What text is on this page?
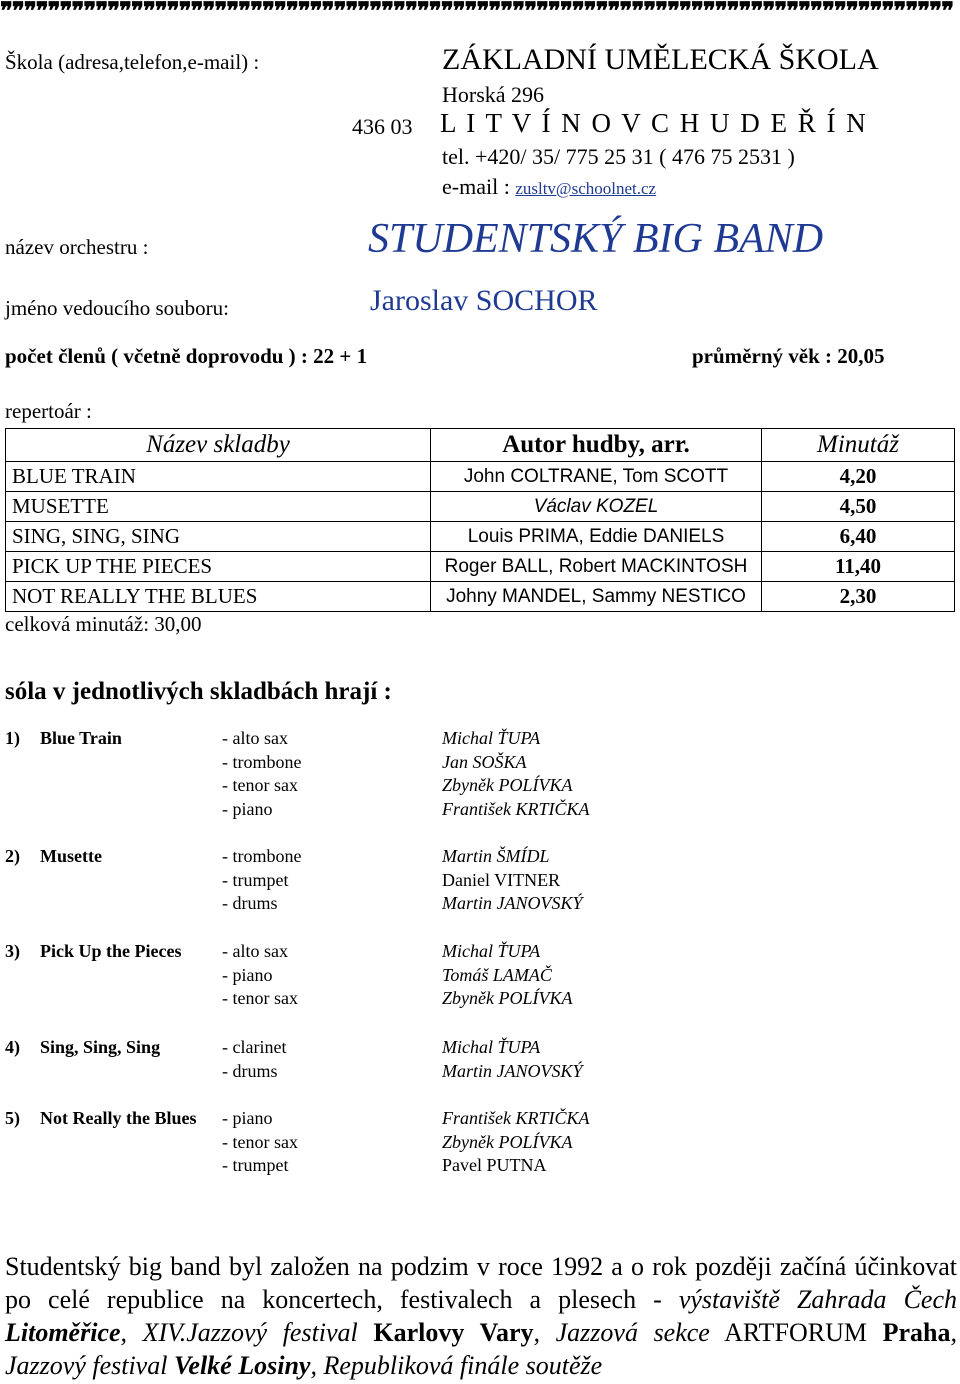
❞❞❞❞❞❞❞❞❞❞❞❞❞❞❞❞❞❞❞❞❞❞❞❞❞❞❞❞❞❞❞❞❞❞❞❞❞❞❞❞❞❞❞❞❞❞❞❞❞❞❞❞❞❞❞❞❞❞❞❞❞❞❞❞❞❞❞❞❞❞❞❞❞❞❞❞❞❞❞❞
Škola (adresa,telefon,e-mail) :	ZÁKLADNÍ UMĚLECKÁ ŠKOLA
Horská 296
436 03 L I T V Í N O V C H U D E Ř Í N
tel. +420/ 35/ 775 25 31 ( 476 75 2531 )
e-mail : zusltv@schoolnet.cz
název orchestru :	STUDENTSKÝ BIG BAND
jméno vedoucího souboru:	Jaroslav SOCHOR
počet členů ( včetně doprovodu ) : 22 + 1	průměrný věk : 20,05
repertoár :
Název skladby	Autor hudby, arr.	Minutáž
BLUE TRAIN	John COLTRANE, Tom SCOTT	4,20
MUSETTE	Václav KOZEL	4,50
SING, SING, SING	Louis PRIMA, Eddie DANIELS	6,40
PICK UP THE PIECES	Roger BALL, Robert MACKINTOSH	11,40
NOT REALLY THE BLUES	Johny MANDEL, Sammy NESTICO	2,30
celková minutáž: 30,00
sóla v jednotlivých skladbách hrají :
1) Blue Train	- alto sax	Michal ŤUPA
- trombone	Jan SOŠKA
- tenor sax	Zbyněk POLÍVKA
- piano	František KRTIČKA
2) Musette	- trombone	Martin ŠMÍDL
- trumpet	Daniel VITNER
- drums	Martin JANOVSKÝ
3) Pick Up the Pieces - alto sax	Michal ŤUPA
- piano	Tomáš LAMAČ
- tenor sax	Zbyněk POLÍVKA
4) Sing, Sing, Sing	- clarinet	Michal ŤUPA
- drums	Martin JANOVSKÝ
5) Not Really the Blues - piano	František KRTIČKA
- tenor sax	Zbyněk POLÍVKA
- trumpet	Pavel PUTNA
Studentský big band byl založen na podzim v roce 1992 a o rok později začíná účinkovat po celé republice na koncertech, festivalech a plesech - výstaviště Zahrada Čech Litoměřice, XIV.Jazzový festival Karlovy Vary, Jazzová sekce ARTFORUM Praha, Jazzový festival Velké Losiny, Republiková finále soutěže
